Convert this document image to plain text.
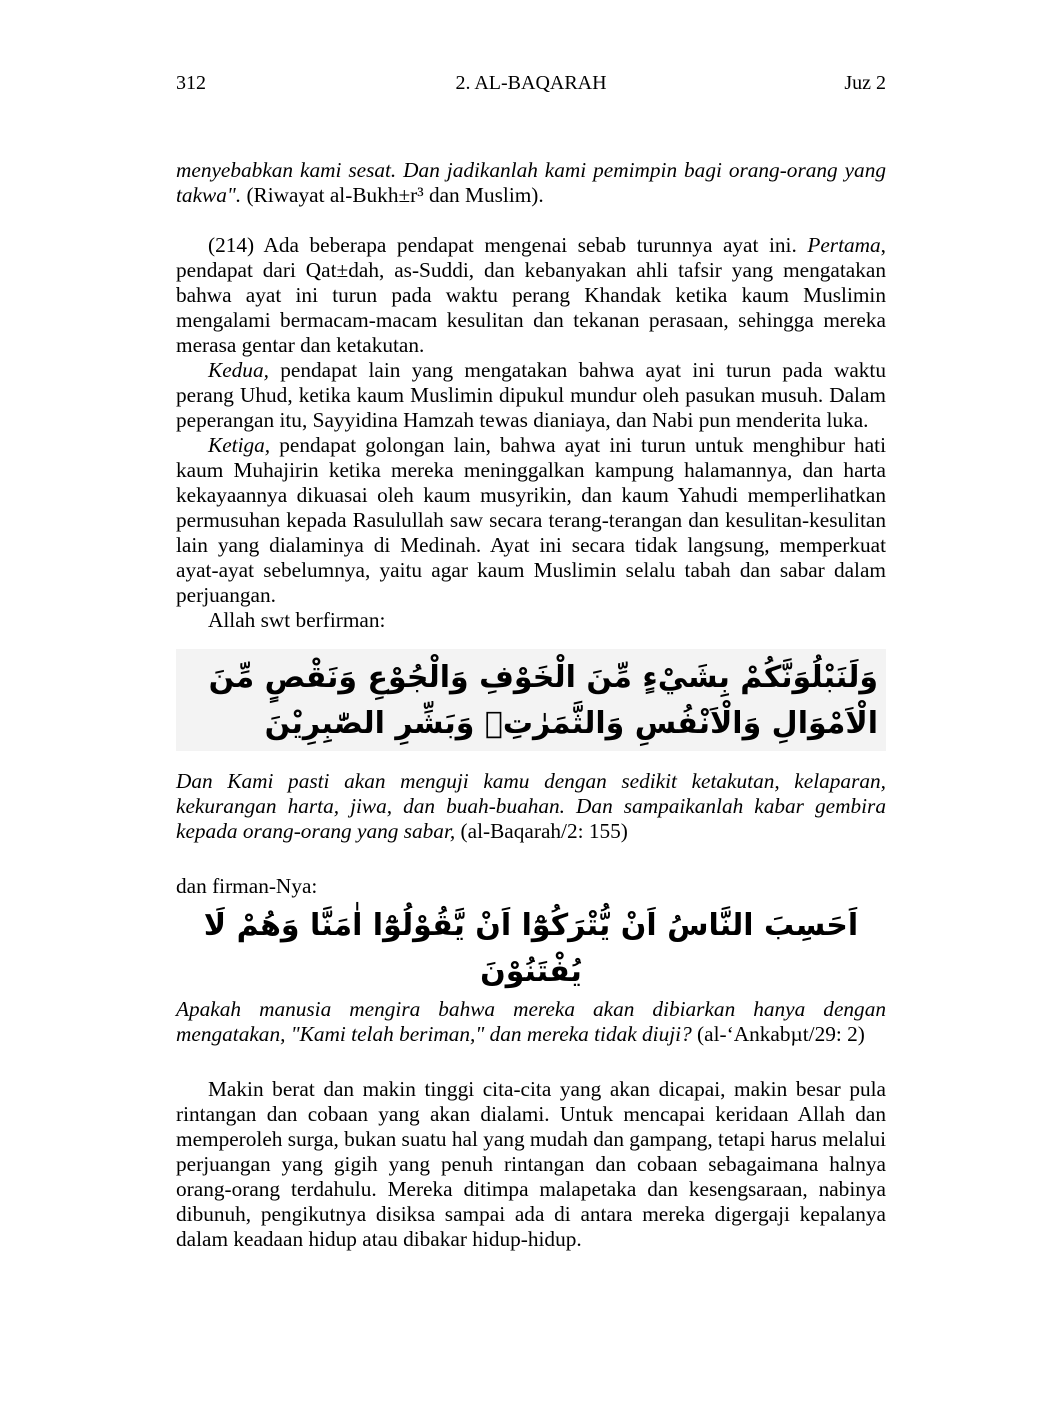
2. AL-BAQARAH
312	Juz 2

menyebabkan kami sesat. Dan jadikanlah kami pemimpin bagi orang-orang yang takwa". (Riwayat al-Bukh±r³ dan Muslim).

(214) Ada beberapa pendapat mengenai sebab turunnya ayat ini. Pertama, pendapat dari Qat±dah, as-Suddi, dan kebanyakan ahli tafsir yang mengatakan bahwa ayat ini turun pada waktu perang Khandak ketika kaum Muslimin mengalami bermacam-macam kesulitan dan tekanan perasaan, sehingga mereka merasa gentar dan ketakutan.

Kedua, pendapat lain yang mengatakan bahwa ayat ini turun pada waktu perang Uhud, ketika kaum Muslimin dipukul mundur oleh pasukan musuh. Dalam peperangan itu, Sayyidina Hamzah tewas dianiaya, dan Nabi pun menderita luka.

Ketiga, pendapat golongan lain, bahwa ayat ini turun untuk menghibur hati kaum Muhajirin ketika mereka meninggalkan kampung halamannya, dan harta kekayaannya dikuasai oleh kaum musyrikin, dan kaum Yahudi memperlihatkan permusuhan kepada Rasulullah saw secara terang-terangan dan kesulitan-kesulitan lain yang dialaminya di Medinah. Ayat ini secara tidak langsung, memperkuat ayat-ayat sebelumnya, yaitu agar kaum Muslimin selalu tabah dan sabar dalam perjuangan.

Allah swt berfirman:

وَلَنَبْلُوَنَّكُمْ بِشَيْءٍ مِّنَ الْخَوْفِ وَالْجُوْعِ وَنَقْصٍ مِّنَ الْاَمْوَالِ وَالْاَنْفُسِ وَالثَّمَرٰتِۗ وَبَشِّرِ الصّٰبِرِيْنَ

Dan Kami pasti akan menguji kamu dengan sedikit ketakutan, kelaparan, kekurangan harta, jiwa, dan buah-buahan. Dan sampaikanlah kabar gembira kepada orang-orang yang sabar, (al-Baqarah/2: 155)

dan firman-Nya:

اَحَسِبَ النَّاسُ اَنْ يُّتْرَكُوْٓا اَنْ يَّقُوْلُوْٓا اٰمَنَّا وَهُمْ لَا يُفْتَنُوْنَ

Apakah manusia mengira bahwa mereka akan dibiarkan hanya dengan mengatakan, "Kami telah beriman," dan mereka tidak diuji? (al-‘Ankabµt/29: 2)

Makin berat dan makin tinggi cita-cita yang akan dicapai, makin besar pula rintangan dan cobaan yang akan dialami. Untuk mencapai keridaan Allah dan memperoleh surga, bukan suatu hal yang mudah dan gampang, tetapi harus melalui perjuangan yang gigih yang penuh rintangan dan cobaan sebagaimana halnya orang-orang terdahulu. Mereka ditimpa malapetaka dan kesengsaraan, nabinya dibunuh, pengikutnya disiksa sampai ada di antara mereka digergaji kepalanya dalam keadaan hidup atau dibakar hidup-hidup.
